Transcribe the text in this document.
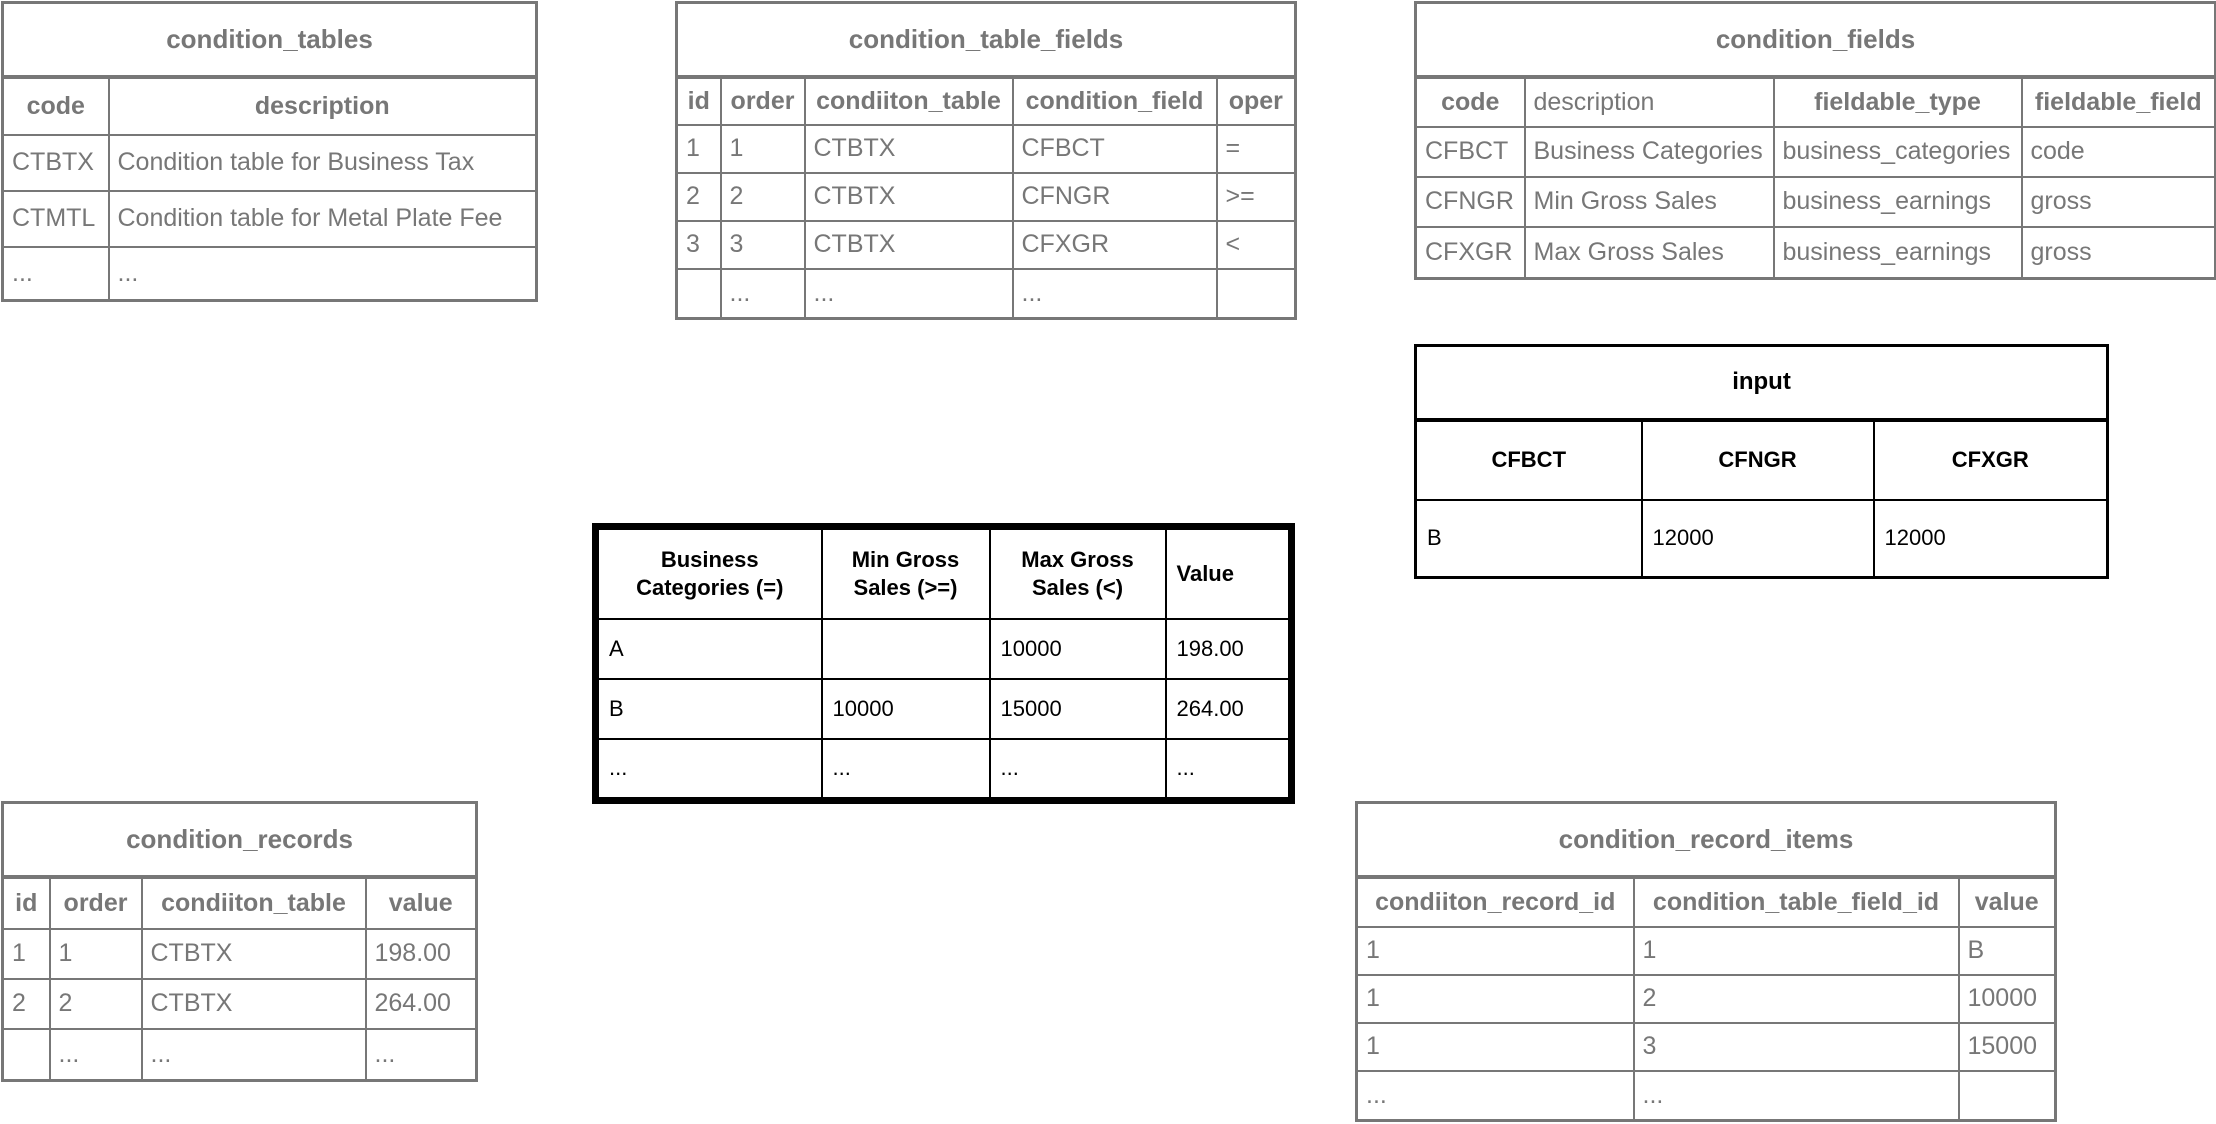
condition_tables	
code	description
CTBTX	Condition table for Business Tax
CTMTL	Condition table for Metal Plate Fee
...	...
condition_table_fields				
id	order	condiiton_table	condition_field	oper
1	1	CTBTX	CFBCT	=
2	2	CTBTX	CFNGR	>=
3	3	CTBTX	CFXGR	<
	...	...	...	
condition_fields			
code	description	fieldable_type	fieldable_field
CFBCT	Business Categories	business_categories	code
CFNGR	Min Gross Sales	business_earnings	gross
CFXGR	Max Gross Sales	business_earnings	gross
input		
CFBCT	CFNGR	CFXGR
B	12000	12000
Business Categories (=)	Min Gross Sales (>=)	Max Gross Sales (<)	Value
A		10000	198.00
B	10000	15000	264.00
...	...	...	...
condition_records			
id	order	condiiton_table	value
1	1	CTBTX	198.00
2	2	CTBTX	264.00
	...	...	...
condition_record_items		
condiiton_record_id	condition_table_field_id	value
1	1	B
1	2	10000
1	3	15000
...	...	
